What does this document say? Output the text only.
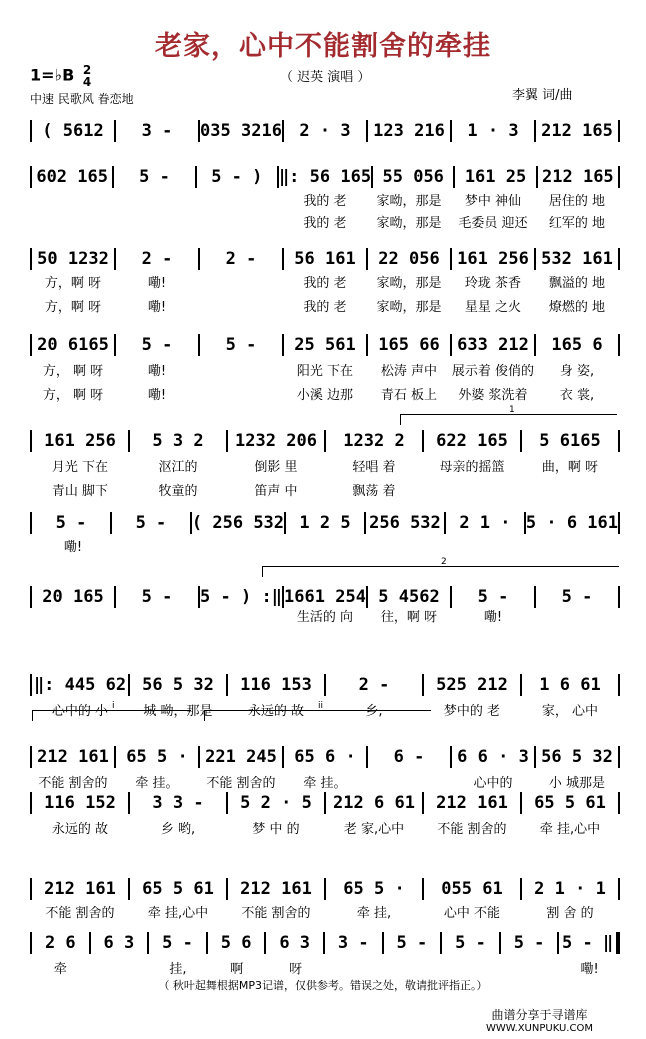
老家，心中不能割舍的牵挂
1=♭B 2
4	（ 迟英 演唱 ）
中速 民歌风 眷恋地	李翼 词/曲
( 5612	3 -	035 3216	2 · 3	123 216	1 · 3	212 165
602 165	5 -	5 - ) ‖: 56 165 55 056	161 25 212 165
我的 老	家呦，那是	梦中 神仙	居住的 地
我的 老	家呦，那是	毛委员 迎还	红军的 地
50 1232	2 -	2 -	56 161	22 056	161 256 532 161
方，啊 呀	嘞!	我的 老	家呦，那是	玲珑 茶香	飘溢的 地
方，啊 呀	嘞!	我的 老	家呦，那是	星星 之火	燎燃的 地
20 6165	5 -	5 -	25 561	165 66	633 212	165 6
方， 啊 呀	嘞!	阳光 下在	松涛 声中	展示着 俊俏的	身 姿,
方， 啊 呀	嘞!	小溪 边那	青石 板上	外婆 浆洗着	衣 裳,
161 256	5 3 2	1232 206	1232 2	622 165	5 6165
月光 下在	沤江的	倒影 里	轻唱 着	母亲的摇篮	曲，啊 呀
青山 脚下	牧童的	笛声 中	飘荡 着
5 -	5 -	( 256 532 1 2 5	256 532	2 1 · 5 · 6 161
嘞!
20 165	5 -	5 - ) :‖ 1661 254 5 4562	5 -	5 -
生活的 向	往，啊 呀	嘞!
‖: 445 62 56 5 32	116 153	2 -	525 212	1 6 61
心中的 小	城 呦，那是	永远的 故	乡,	梦中的 老	家， 心中
212 161	65 5 ·	221 245	65 6 ·	6 -	6 6 · 3 56 5 32
不能 割舍的	牵 挂。	不能 割舍的	牵 挂。	心中的	小 城那是
116 152	3 3 -	5 2 · 5	212 6 61	212 161	65 5 61
永远的 故	乡 哟,	梦 中 的	老 家,心中	不能 割舍的	牵 挂,心中
212 161	65 5 61	212 161	65 5 ·	055 61	2 1 · 1
不能 割舍的	牵 挂,心中	不能 割舍的	牵 挂,	心中 不能	割 舍 的
2 6	6 3	5 -	5 6	6 3	3 -	5 -	5 -	5 -	5 - ‖
牵	挂,	啊	呀	嘞!
1
2
i	ii
（ 秋叶起舞根据MP3记谱，仅供参考。错误之处，敬请批评指正。）
曲谱分享于寻谱库
WWW.XUNPUKU.COM
